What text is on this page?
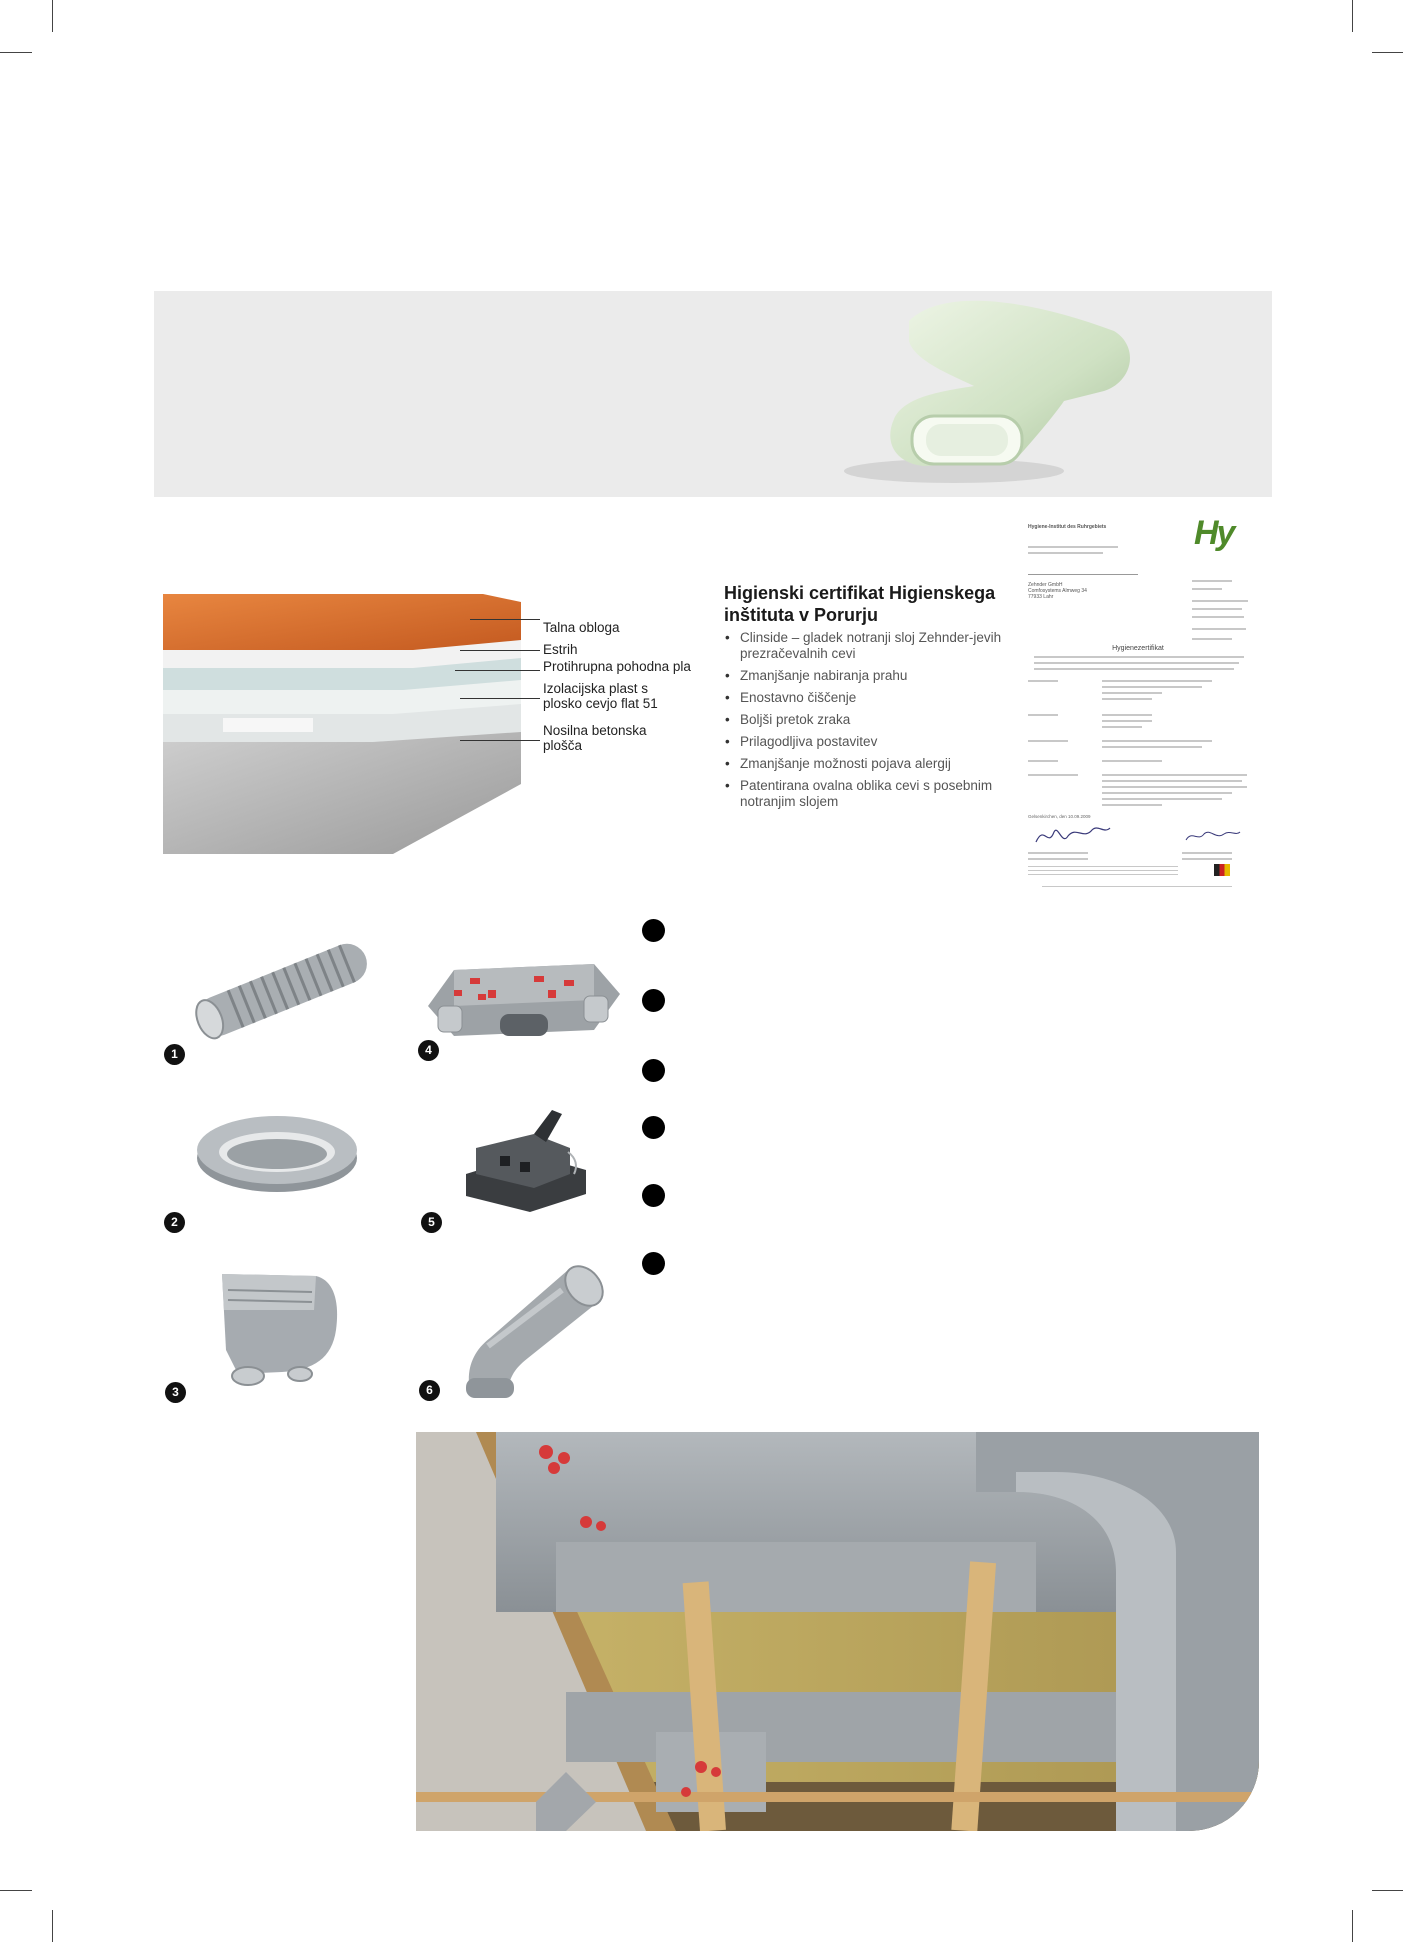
Talna obloga
Estrih
Protihrupna pohodna pla
Izolacijska plast s plosko cevjo flat 51
Nosilna betonska plošča
Higienski certifikat Higienskega inštituta v Porurju
• Clinside – gladek notranji sloj Zehnder-jevih prezračevalnih cevi
• Zmanjšanje nabiranja prahu
• Enostavno čiščenje
• Boljši pretok zraka
• Prilagodljiva postavitev
• Zmanjšanje možnosti pojava alergij
• Patentirana ovalna oblika cevi s posebnim notranjim slojem
Hygiene-Institut des Ruhrgebiets	Hy
Zehnder GmbH Comfosystems Almweg 34 77933 Lahr
Hygienezertifikat
Gelsenkirchen, den 10.09.2009
1
2
3
4
5
6
